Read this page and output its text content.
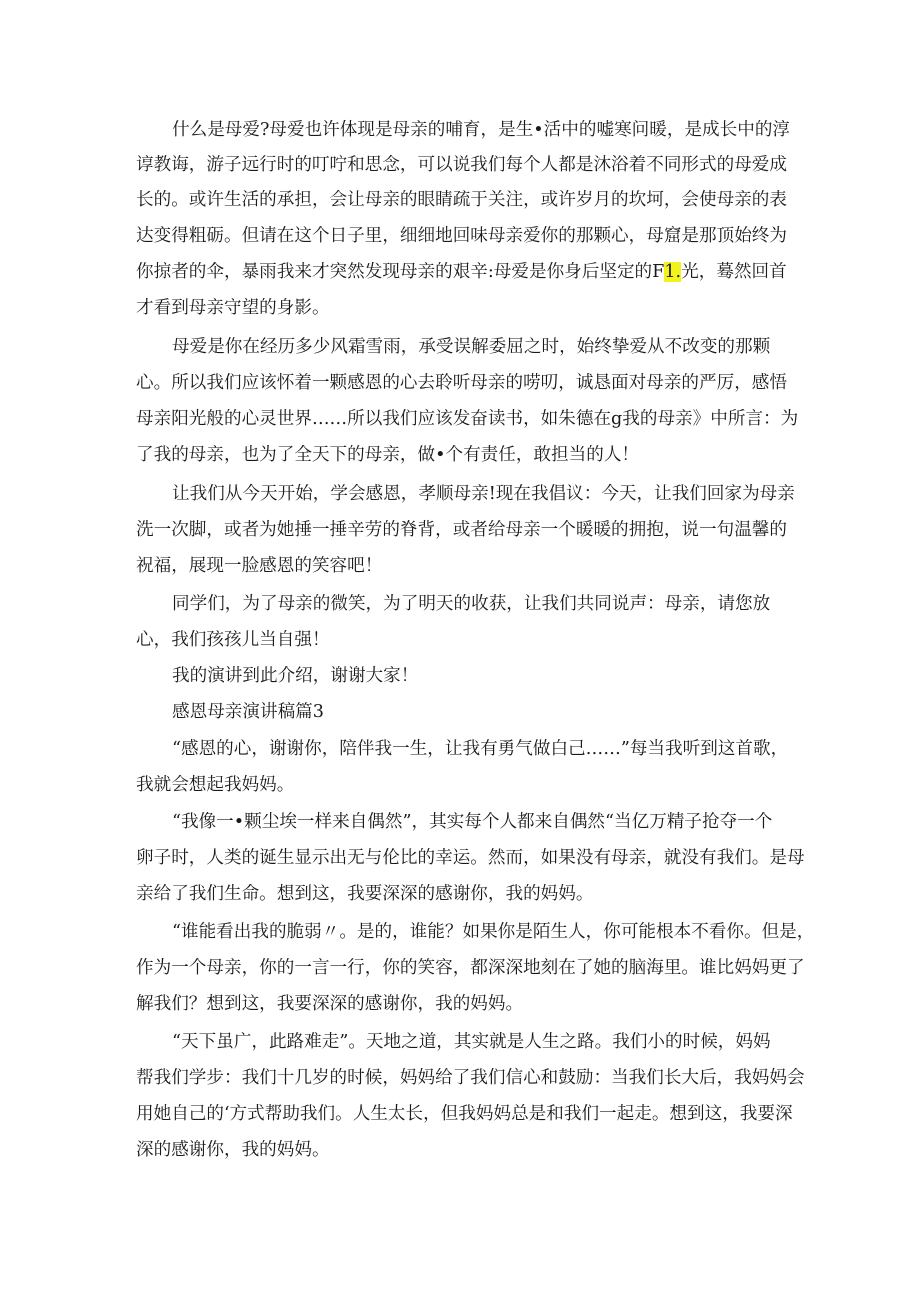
什么是母爱?母爱也许体现是母亲的哺育，是生•活中的嘘寒问暖，是成长中的淳
谆教诲，游子远行时的叮咛和思念，可以说我们每个人都是沐浴着不同形式的母爱成
长的。或许生活的承担，会让母亲的眼睛疏于关注，或许岁月的坎坷，会使母亲的表
达变得粗砺。但请在这个日子里，细细地回味母亲爱你的那颗心，母窟是那顶始终为
你掠者的伞，暴雨我来才突然发现母亲的艰辛:母爱是你身后坚定的F1.光，蓦然回首
才看到母亲守望的身影。
母爱是你在经历多少风霜雪雨，承受误解委屈之时，始终挚爱从不改变的那颗
心。所以我们应该怀着一颗感恩的心去聆听母亲的唠叨，诚恳面对母亲的严厉，感悟
母亲阳光般的心灵世界……所以我们应该发奋读书，如朱德在g我的母亲》中所言：为
了我的母亲，也为了全天下的母亲，做•个有责任，敢担当的人！
让我们从今天开始，学会感恩，孝顺母亲!现在我倡议：今天，让我们回家为母亲
洗一次脚，或者为她捶一捶辛劳的脊背，或者给母亲一个暖暖的拥抱，说一句温馨的
祝福，展现一脸感恩的笑容吧！
同学们，为了母亲的微笑，为了明天的收获，让我们共同说声：母亲，请您放
心，我们孩孩儿当自强！
我的演讲到此介绍，谢谢大家！
感恩母亲演讲稿篇3
“感恩的心，谢谢你，陪伴我一生，让我有勇气做白己……”每当我听到这首歌，
我就会想起我妈妈。
“我像一•颗尘埃一样来自偶然”，其实每个人都来自偶然“当亿万精子抢夺一个
卵子时，人类的诞生显示出无与伦比的幸运。然而，如果没有母亲，就没有我们。是母
亲给了我们生命。想到这，我要深深的感谢你，我的妈妈。
“谁能看出我的脆弱〃。是的，谁能？如果你是陌生人，你可能根本不看你。但是，
作为一个母亲，你的一言一行，你的笑容，都深深地刻在了她的脑海里。谁比妈妈更了
解我们？想到这，我要深深的感谢你，我的妈妈。
“天下虽广，此路难走”。天地之道，其实就是人生之路。我们小的时候，妈妈
帮我们学步：我们十几岁的时候，妈妈给了我们信心和鼓励：当我们长大后，我妈妈会
用她自己的‘方式帮助我们。人生太长，但我妈妈总是和我们一起走。想到这，我要深
深的感谢你，我的妈妈。
